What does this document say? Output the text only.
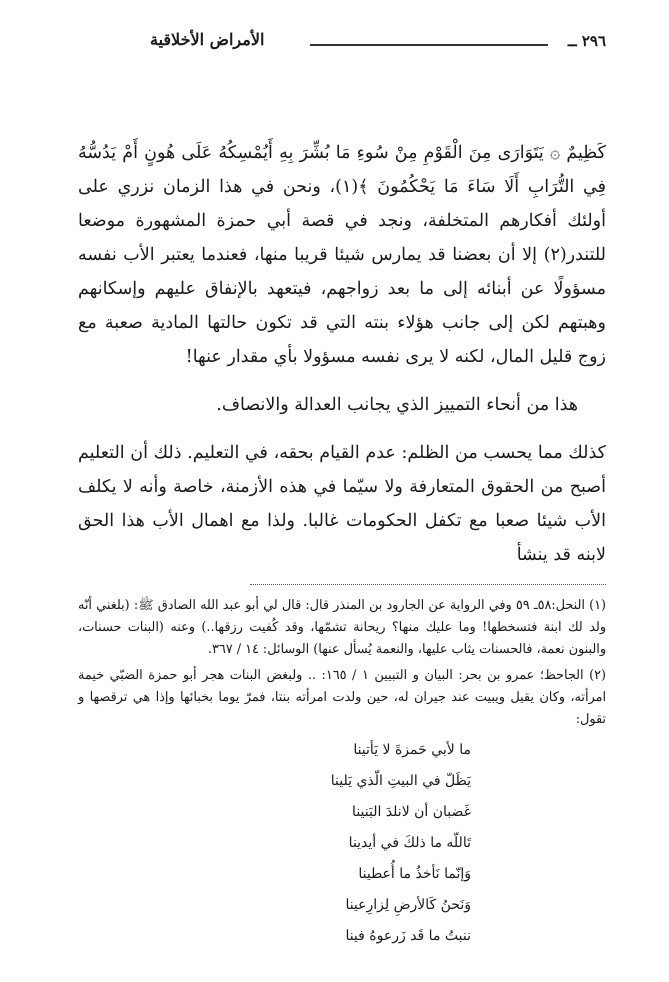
٢٩٦ ــ
الأمراض الأخلاقية

كَظِيمٌ ۞ يَتَوَارَى مِنَ الْقَوْمِ مِنْ سُوءِ مَا بُشِّرَ بِهِ أَيُمْسِكُهُ عَلَى هُونٍ أَمْ يَدُسُّهُ فِي التُّرَابِ أَلَا سَاءَ مَا يَحْكُمُونَ ﴾(١)، ونحن في هذا الزمان نزري على أولئك أفكارهم المتخلفة، ونجد في قصة أبي حمزة المشهورة موضعا للتندر(٢) إلا أن بعضنا قد يمارس شيئا قريبا منها، فعندما يعتبر الأب نفسه مسؤولًا عن أبنائه إلى ما بعد زواجهم، فيتعهد بالإنفاق عليهم وإسكانهم وهبتهم لكن إلى جانب هؤلاء بنته التي قد تكون حالتها المادية صعبة مع زوج قليل المال، لكنه لا يرى نفسه مسؤولا بأي مقدار عنها!

هذا من أنحاء التمييز الذي يجانب العدالة والانصاف.

كذلك مما يحسب من الظلم: عدم القيام بحقه، في التعليم. ذلك أن التعليم أصبح من الحقوق المتعارفة ولا سيّما في هذه الأزمنة، خاصة وأنه لا يكلف الأب شيئا صعبا مع تكفل الحكومات غالبا. ولذا مع اهمال الأب هذا الحق لابنه قد ينشأ

(١) النحل:٥٨ـ ٥٩ وفي الرواية عن الجارود بن المنذر قال: قال لي أبو عبد الله الصادق ﷺ: (بلغني أنّه ولد لك ابنة فتسخطها! وما عليك منها؟ ريحانة تشمّها، وقد كُفيت رزقها..) وعنه (البنات حسنات، والبنون نعمة، فالحسنات يثاب عليها، والنعمة يُسأل عنها) الوسائل: ١٤ / ٣٦٧.

(٢) الجاحظ؛ عمرو بن بحر: البيان و التبيين ١ / ١٦٥: .. ولبغض البنات هجر أبو حمزة الضبّي خيمة امرأته، وكان يقيل ويبيت عند جيران له، حين ولدت امرأته بنتا، فمرّ يوما بخبائها وإذا هي ترقصها و تقول:

ما لأبي حَمزةَ لا يَأتينا
يَظَلّ في البيتِ الّذي يَلينا
غَضبان أن لانلدَ البَنينا
تَاللّه ما ذلكَ في أيدينا
وَإنّما نَأخذُ ما أُعطينا
وَنَحنُ كَالأرضِ لِزارِعينا
ننبتُ ما قَد زَرعوهُ فينا
